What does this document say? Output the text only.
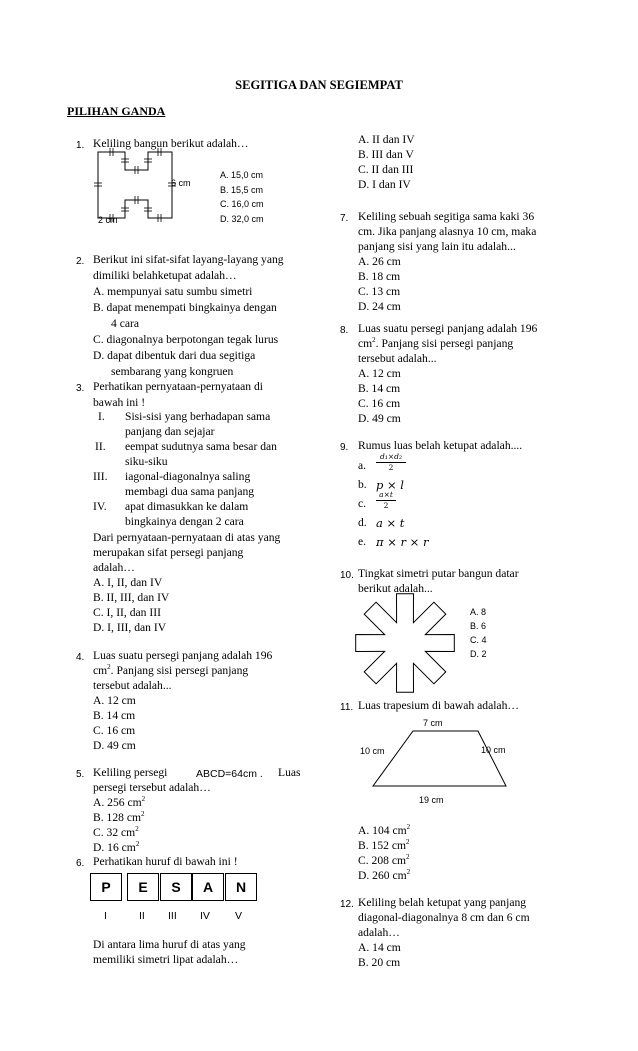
SEGITIGA DAN SEGIEMPAT
PILIHAN GANDA
1. Keliling bangun berikut adalah…
6 cm
2 cm
A. 15,0 cm
B. 15,5 cm
C. 16,0 cm
D. 32,0 cm
2. Berikut ini sifat-sifat layang-layang yang
dimiliki belahketupat adalah…
A. mempunyai satu sumbu simetri
B. dapat menempati bingkainya dengan
4 cara
C. diagonalnya berpotongan tegak lurus
D. dapat dibentuk dari dua segitiga
sembarang yang kongruen
3. Perhatikan pernyataan-pernyataan di
bawah ini !
I. Sisi-sisi yang berhadapan sama
panjang dan sejajar
II. eempat sudutnya sama besar dan
siku-siku
III. iagonal-diagonalnya saling
membagi dua sama panjang
IV. apat dimasukkan ke dalam
bingkainya dengan 2 cara
Dari pernyataan-pernyataan di atas yang
merupakan sifat persegi panjang
adalah…
A. I, II, dan IV
B. II, III, dan IV
C. I, II, dan III
D. I, III, dan IV
4. Luas suatu persegi panjang adalah 196
$cm^2$. Panjang sisi persegi panjang
tersebut adalah...
A. 12 cm
B. 14 cm
C. 16 cm
D. 49 cm
5. Keliling persegi	ABCD=64cm . Luas
persegi tersebut adalah…
A. 256 $cm^2$
B. 128 $cm^2$
C. 32 $cm^2$
D. 16 $cm^2$
6. Perhatikan huruf di bawah ini !
P	E	S	A	N
I	II III IV V
Di antara lima huruf di atas yang
memiliki simetri lipat adalah…
A. II dan IV
B. III dan V
C. II dan III
D. I dan IV
7. Keliling sebuah segitiga sama kaki 36
cm. Jika panjang alasnya 10 cm, maka
panjang sisi yang lain itu adalah...
A. 26 cm
B. 18 cm
C. 13 cm
D. 24 cm
8. Luas suatu persegi panjang adalah 196
$cm^2$. Panjang sisi persegi panjang
tersebut adalah...
A. 12 cm
B. 14 cm
C. 16 cm
D. 49 cm
9. Rumus luas belah ketupat adalah....
a. $\frac{\text{d₁×d₂}}{2}$
b. p × l
c. $\frac{a\times t}{2}$
d. a × t
e. π × r × r
10. Tingkat simetri putar bangun datar
berikut adalah...
A. 8
B. 6
C. 4
D. 2
11. Luas trapesium di bawah adalah…
7 cm
10 cm	10 cm
19 cm
A. 104 $cm^2$
B. 152 $cm^2$
C. 208 $cm^2$
D. 260 $cm^2$
12. Keliling belah ketupat yang panjang
diagonal-diagonalnya 8 cm dan 6 cm
adalah…
A. 14 cm
B. 20 cm
